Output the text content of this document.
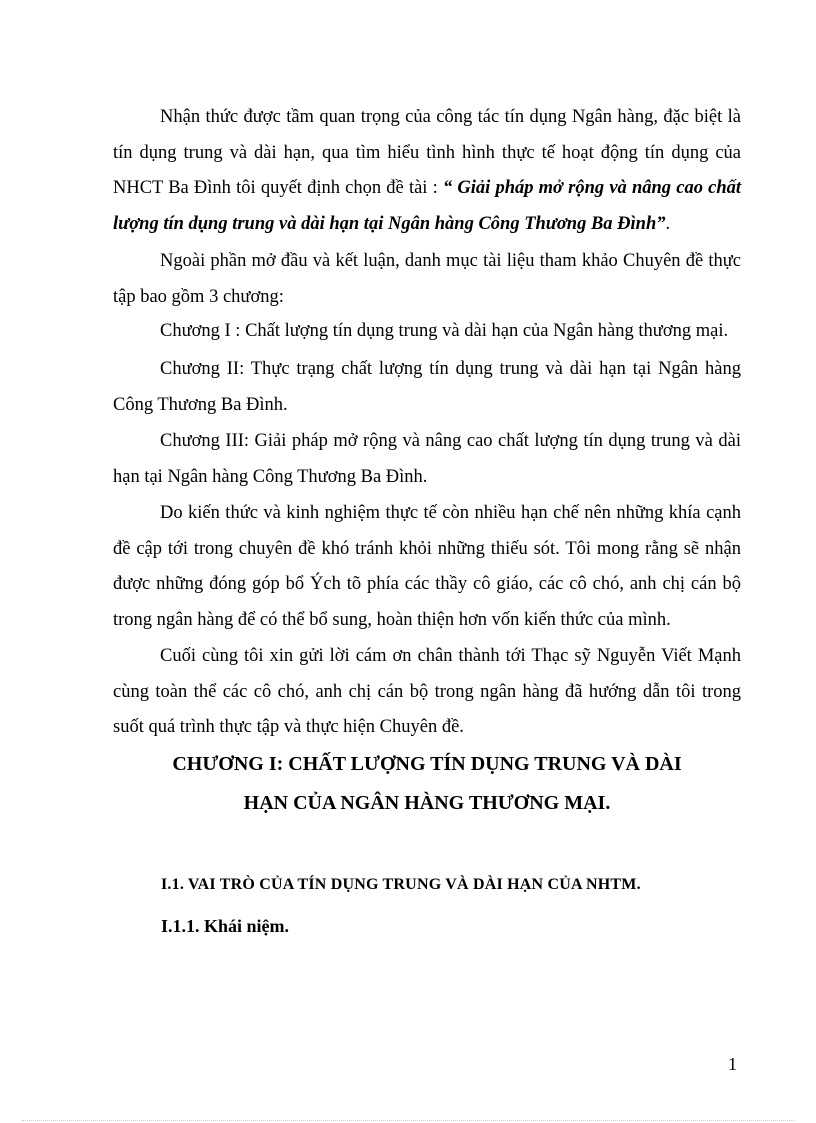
Nhận thức được tầm quan trọng của công tác tín dụng Ngân hàng, đặc biệt là tín dụng trung và dài hạn, qua tìm hiểu tình hình thực tế hoạt động tín dụng của NHCT Ba Đình tôi quyết định chọn đề tài : “ Giải pháp mở rộng và nâng cao chất lượng tín dụng trung và dài hạn tại Ngân hàng Công Thương Ba Đình”.

Ngoài phần mở đầu và kết luận, danh mục tài liệu tham khảo Chuyên đề thực tập bao gồm 3 chương:

Chương I : Chất lượng tín dụng trung và dài hạn của Ngân hàng thương mại.

Chương II: Thực trạng chất lượng tín dụng trung và dài hạn tại Ngân hàng Công Thương Ba Đình.

Chương III: Giải pháp mở rộng và nâng cao chất lượng tín dụng trung và dài hạn tại Ngân hàng Công Thương Ba Đình.

Do kiến thức và kinh nghiệm thực tế còn nhiều hạn chế nên những khía cạnh đề cập tới trong chuyên đề khó tránh khỏi những thiếu sót. Tôi mong rằng sẽ nhận được những đóng góp bổ Ých tõ phía các thầy cô giáo, các cô chó, anh chị cán bộ trong ngân hàng để có thể bổ sung, hoàn thiện hơn vốn kiến thức của mình.

Cuối cùng tôi xin gửi lời cám ơn chân thành tới Thạc sỹ Nguyễn Viết Mạnh cùng toàn thể các cô chó, anh chị cán bộ trong ngân hàng đã hướng dẫn tôi trong suốt quá trình thực tập và thực hiện Chuyên đề.

CHƯƠNG I: CHẤT LƯỢNG TÍN DỤNG TRUNG VÀ DÀI
HẠN CỦA NGÂN HÀNG THƯƠNG MẠI.
I.1. VAI TRÒ CỦA TÍN DỤNG TRUNG VÀ DÀI HẠN CỦA NHTM.
I.1.1. Khái niệm.
1
